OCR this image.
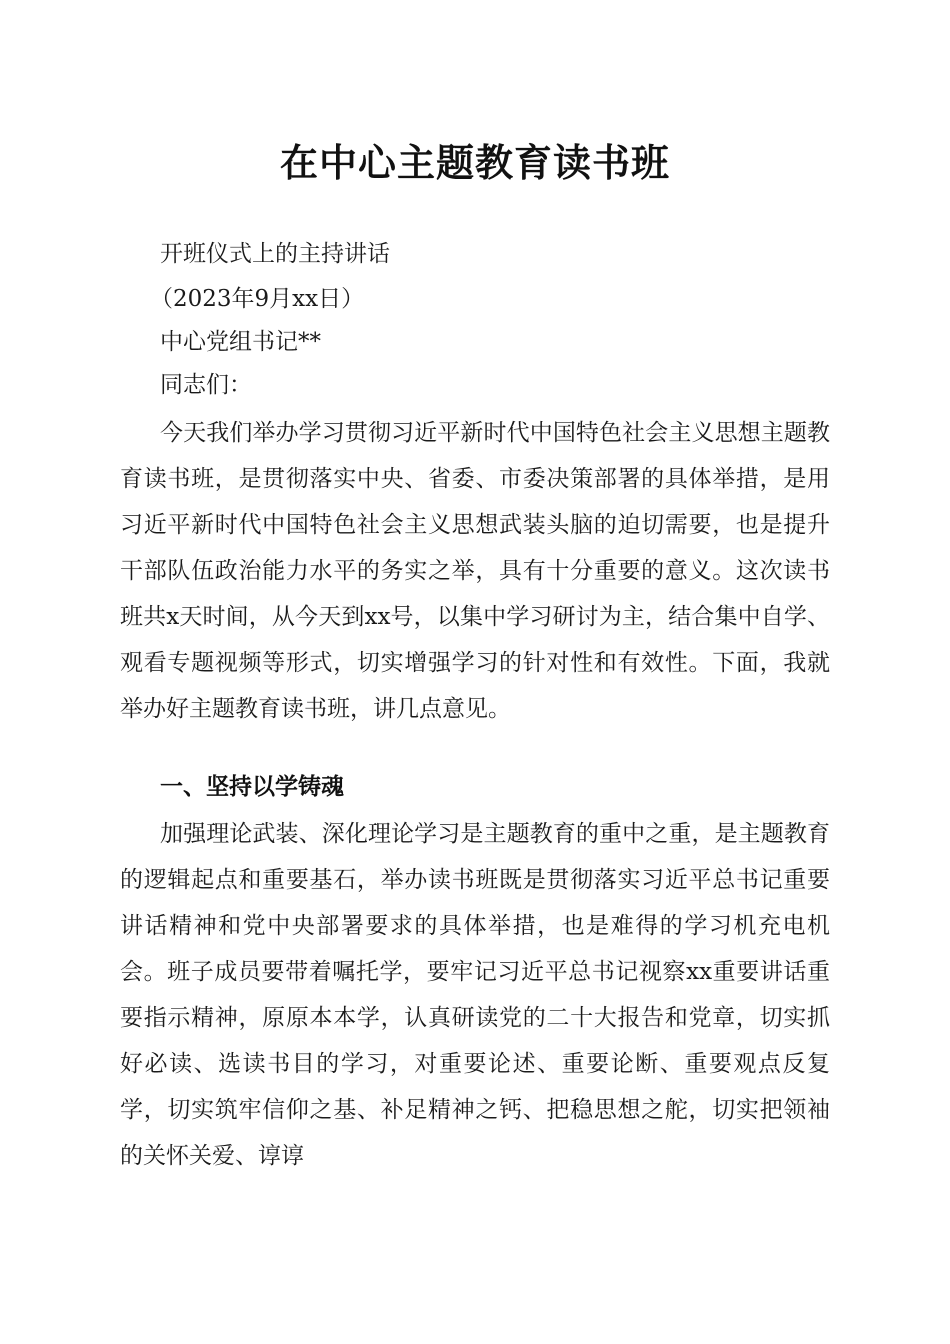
在中心主题教育读书班
开班仪式上的主持讲话
（2023年9月xx日）
中心党组书记**
同志们：

今天我们举办学习贯彻习近平新时代中国特色社会主义思想主题教育读书班，是贯彻落实中央、省委、市委决策部署的具体举措，是用习近平新时代中国特色社会主义思想武装头脑的迫切需要，也是提升干部队伍政治能力水平的务实之举，具有十分重要的意义。这次读书班共x天时间，从今天到xx号，以集中学习研讨为主，结合集中自学、观看专题视频等形式，切实增强学习的针对性和有效性。下面，我就举办好主题教育读书班，讲几点意见。

一、坚持以学铸魂

加强理论武装、深化理论学习是主题教育的重中之重，是主题教育的逻辑起点和重要基石，举办读书班既是贯彻落实习近平总书记重要讲话精神和党中央部署要求的具体举措，也是难得的学习机充电机会。班子成员要带着嘱托学，要牢记习近平总书记视察xx重要讲话重要指示精神，原原本本学，认真研读党的二十大报告和党章，切实抓好必读、选读书目的学习，对重要论述、重要论断、重要观点反复学，切实筑牢信仰之基、补足精神之钙、把稳思想之舵，切实把领袖的关怀关爱、谆谆
